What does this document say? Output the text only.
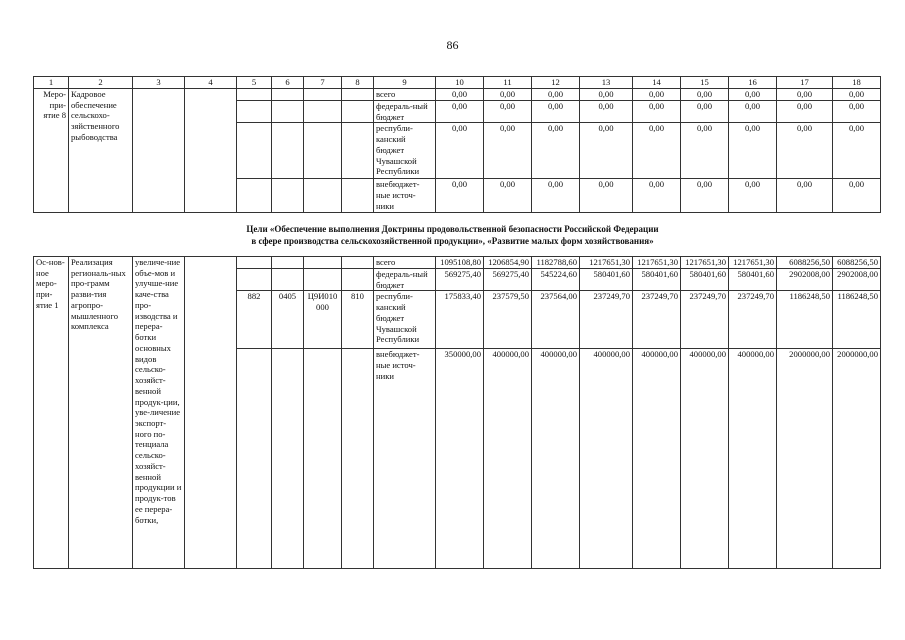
86
1	2	3	4	5	6	7	8	9	10	11	12	13	14	15	16	17	18
Меро-при-ятие 8	Кадровое обеспечение сельскохо-зяйственного рыбоводства							всего	0,00	0,00	0,00	0,00	0,00	0,00	0,00	0,00	0,00
								федераль-ный бюджет	0,00	0,00	0,00	0,00	0,00	0,00	0,00	0,00	0,00
								республи-канский бюджет Чувашской Республики	0,00	0,00	0,00	0,00	0,00	0,00	0,00	0,00	0,00
								внебюджет-ные источ-ники	0,00	0,00	0,00	0,00	0,00	0,00	0,00	0,00	0,00
Цели «Обеспечение выполнения Доктрины продовольственной безопасности Российской Федерации
в сфере производства сельскохозяйственной продукции», «Развитие малых форм хозяйствования»
Ос-нов-ное меро-при-ятие 1	Реализация региональ-ных про-грамм разви-тия агропро-мышленного комплекса	увеличе-ние объе-мов и улучше-ние каче-ства про-изводства и перера-ботки основных видов сельско-хозяйст-венной продук-ции, уве-личение экспорт-ного по-тенциала сельско-хозяйст-венной продукции и продук-тов ее перера-ботки,						всего	1095108,80	1206854,90	1182788,60	1217651,30	1217651,30	1217651,30	1217651,30	6088256,50	6088256,50
								федераль-ный бюджет	569275,40	569275,40	545224,60	580401,60	580401,60	580401,60	580401,60	2902008,00	2902008,00
				882	0405	Ц9И010000	810	республи-канский бюджет Чувашской Республики	175833,40	237579,50	237564,00	237249,70	237249,70	237249,70	237249,70	1186248,50	1186248,50
								внебюджет-ные источ-ники	350000,00	400000,00	400000,00	400000,00	400000,00	400000,00	400000,00	2000000,00	2000000,00
